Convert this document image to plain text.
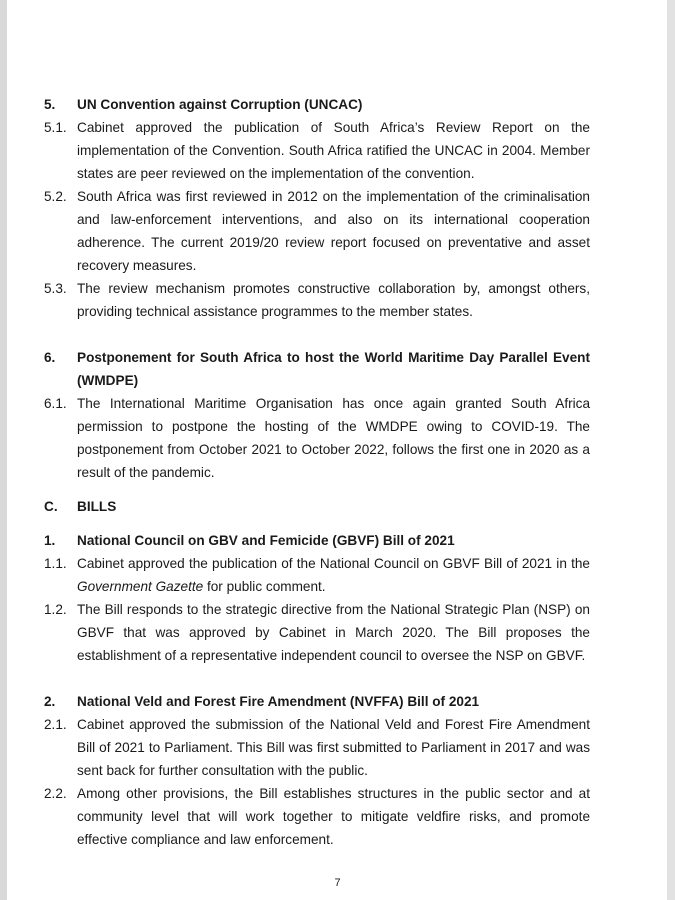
5.	UN Convention against Corruption (UNCAC)
5.1. Cabinet approved the publication of South Africa’s Review Report on the implementation of the Convention. South Africa ratified the UNCAC in 2004. Member states are peer reviewed on the implementation of the convention.
5.2. South Africa was first reviewed in 2012 on the implementation of the criminalisation and law-enforcement interventions, and also on its international cooperation adherence. The current 2019/20 review report focused on preventative and asset recovery measures.
5.3. The review mechanism promotes constructive collaboration by, amongst others, providing technical assistance programmes to the member states.
6.	Postponement for South Africa to host the World Maritime Day Parallel Event (WMDPE)
6.1. The International Maritime Organisation has once again granted South Africa permission to postpone the hosting of the WMDPE owing to COVID-19. The postponement from October 2021 to October 2022, follows the first one in 2020 as a result of the pandemic.
C.	BILLS
1.	National Council on GBV and Femicide (GBVF) Bill of 2021
1.1. Cabinet approved the publication of the National Council on GBVF Bill of 2021 in the Government Gazette for public comment.
1.2. The Bill responds to the strategic directive from the National Strategic Plan (NSP) on GBVF that was approved by Cabinet in March 2020. The Bill proposes the establishment of a representative independent council to oversee the NSP on GBVF.
2.	National Veld and Forest Fire Amendment (NVFFA) Bill of 2021
2.1. Cabinet approved the submission of the National Veld and Forest Fire Amendment Bill of 2021 to Parliament. This Bill was first submitted to Parliament in 2017 and was sent back for further consultation with the public.
2.2. Among other provisions, the Bill establishes structures in the public sector and at community level that will work together to mitigate veldfire risks, and promote effective compliance and law enforcement.
7
